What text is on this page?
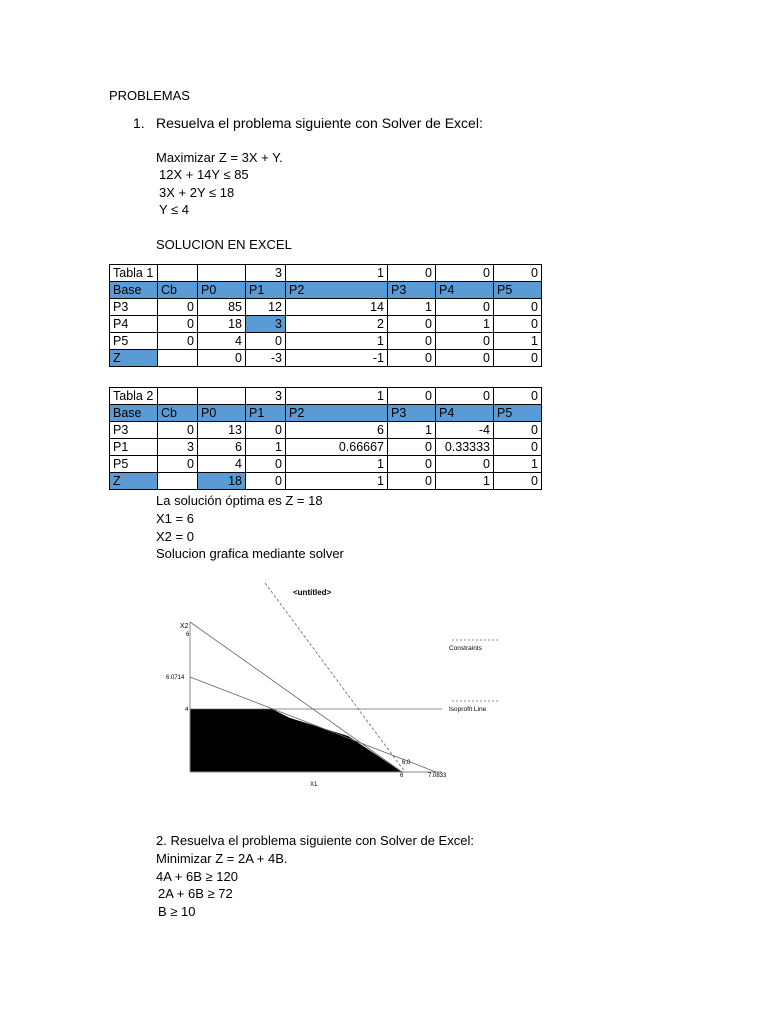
PROBLEMAS
1. Resuelva el problema siguiente con Solver de Excel:
Maximizar Z = 3X + Y.
12X + 14Y ≤ 85
3X + 2Y ≤ 18
Y ≤ 4
SOLUCION EN EXCEL
Tabla 1			3	1	0	0	0
Base	Cb	P0	P1	P2	P3	P4	P5
P3	0	85	12	14	1	0	0
P4	0	18	3	2	0	1	0
P5	0	4	0	1	0	0	1
Z		0	-3	-1	0	0	0
Tabla 2			3	1	0	0	0
Base	Cb	P0	P1	P2	P3	P4	P5
P3	0	13	0	6	1	-4	0
P1	3	6	1	0.66667	0	0.33333	0
P5	0	4	0	1	0	0	1
Z		18	0	1	0	1	0
La solución óptima es Z = 18
X1 = 6
X2 = 0
Solucion grafica mediante solver
<untitled>
X2
6
6.0714
4
6,0
6	7.0833
X1
Constraints
Isoprofit Line
2. Resuelva el problema siguiente con Solver de Excel:
Minimizar Z = 2A + 4B.
4A + 6B ≥ 120
2A + 6B ≥ 72
B ≥ 10
